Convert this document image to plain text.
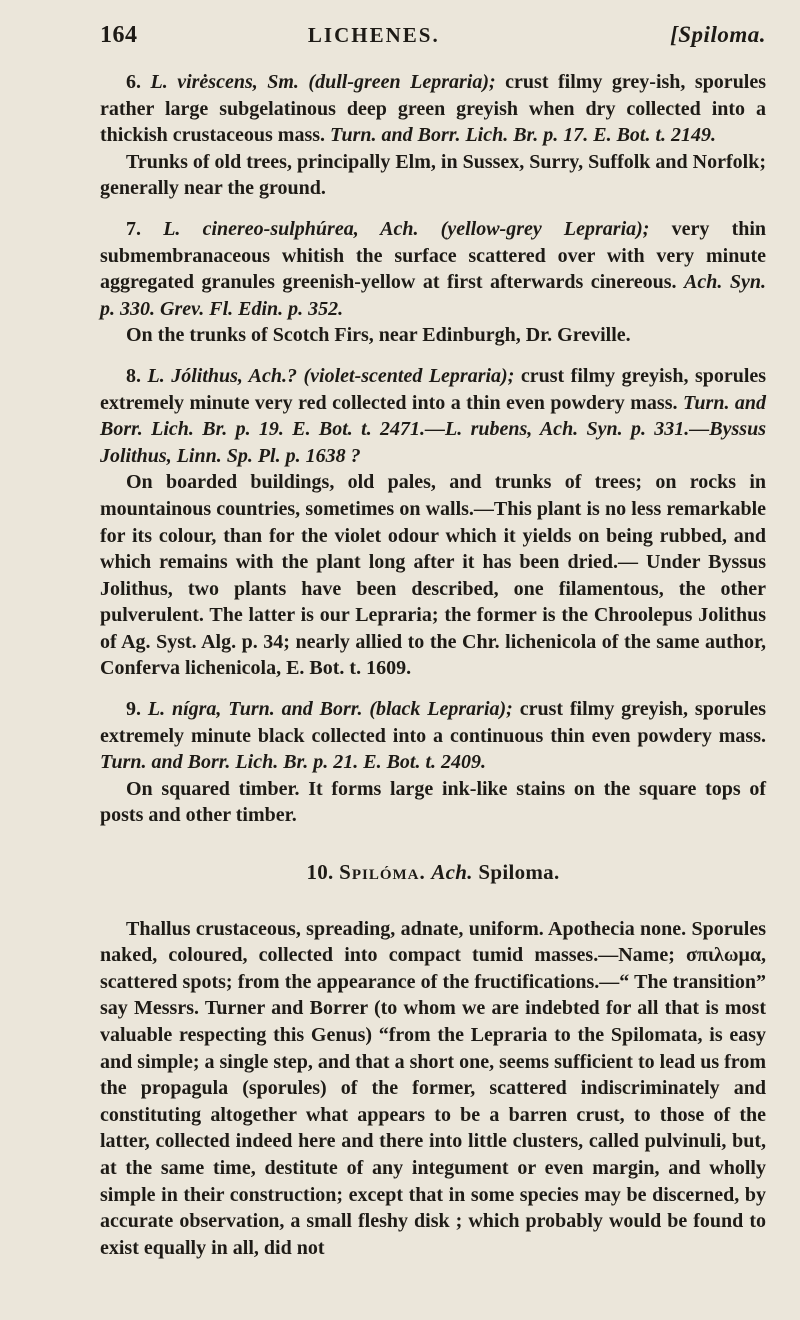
164	LICHENES.	[Spiloma.

6. L. virėscens, Sm. (dull-green Lepraria); crust filmy grey-ish, sporules rather large subgelatinous deep green greyish when dry collected into a thickish crustaceous mass. Turn. and Borr. Lich. Br. p. 17. E. Bot. t. 2149.

Trunks of old trees, principally Elm, in Sussex, Surry, Suffolk and Norfolk; generally near the ground.

7. L. cinereo-sulphúrea, Ach. (yellow-grey Lepraria); very thin submembranaceous whitish the surface scattered over with very minute aggregated granules greenish-yellow at first afterwards cinereous. Ach. Syn. p. 330. Grev. Fl. Edin. p. 352.

On the trunks of Scotch Firs, near Edinburgh, Dr. Greville.

8. L. Jólithus, Ach.? (violet-scented Lepraria); crust filmy greyish, sporules extremely minute very red collected into a thin even powdery mass. Turn. and Borr. Lich. Br. p. 19. E. Bot. t. 2471.—L. rubens, Ach. Syn. p. 331.—Byssus Jolithus, Linn. Sp. Pl. p. 1638 ?

On boarded buildings, old pales, and trunks of trees; on rocks in mountainous countries, sometimes on walls.—This plant is no less remarkable for its colour, than for the violet odour which it yields on being rubbed, and which remains with the plant long after it has been dried.— Under Byssus Jolithus, two plants have been described, one filamentous, the other pulverulent. The latter is our Lepraria; the former is the Chroolepus Jolithus of Ag. Syst. Alg. p. 34; nearly allied to the Chr. lichenicola of the same author, Conferva lichenicola, E. Bot. t. 1609.

9. L. nígra, Turn. and Borr. (black Lepraria); crust filmy greyish, sporules extremely minute black collected into a continuous thin even powdery mass. Turn. and Borr. Lich. Br. p. 21. E. Bot. t. 2409.

On squared timber. It forms large ink-like stains on the square tops of posts and other timber.

10. Spilóma. Ach. Spiloma.

Thallus crustaceous, spreading, adnate, uniform. Apothecia none. Sporules naked, coloured, collected into compact tumid masses.—Name; σπιλωμα, scattered spots; from the appearance of the fructifications.—“ The transition” say Messrs. Turner and Borrer (to whom we are indebted for all that is most valuable respecting this Genus) “from the Lepraria to the Spilomata, is easy and simple; a single step, and that a short one, seems sufficient to lead us from the propagula (sporules) of the former, scattered indiscriminately and constituting altogether what appears to be a barren crust, to those of the latter, collected indeed here and there into little clusters, called pulvinuli, but, at the same time, destitute of any integument or even margin, and wholly simple in their construction; except that in some species may be discerned, by accurate observation, a small fleshy disk ; which probably would be found to exist equally in all, did not
